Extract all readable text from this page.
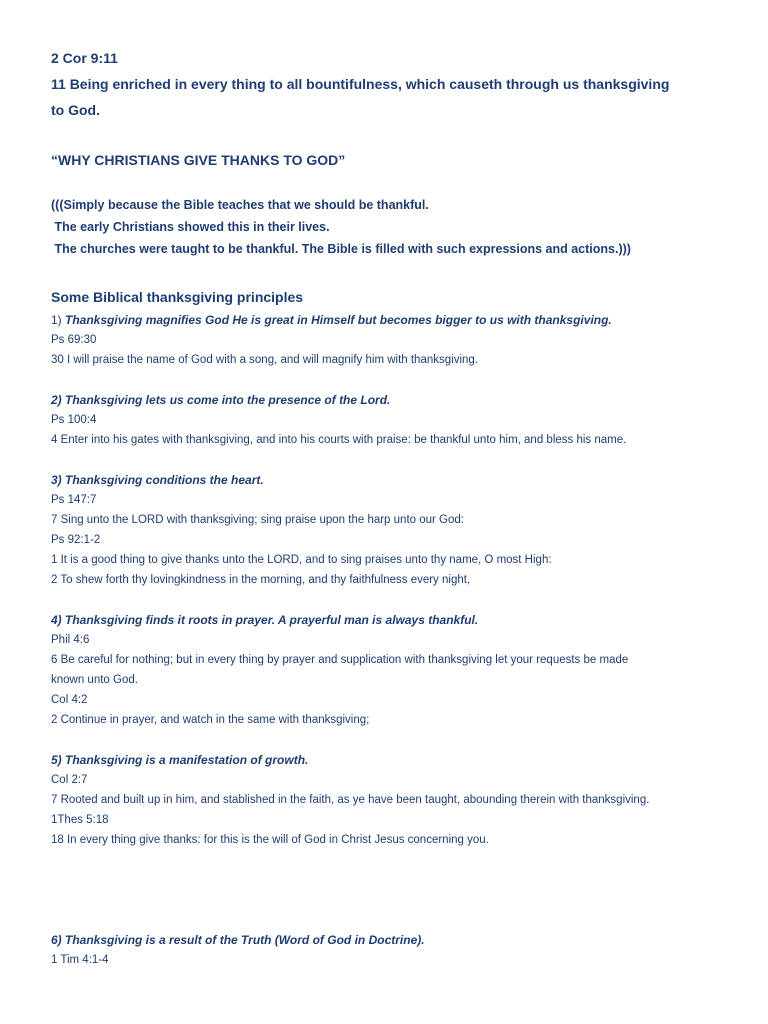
2 Cor 9:11
11 Being enriched in every thing to all bountifulness, which causeth through us thanksgiving
to God.
“WHY CHRISTIANS GIVE THANKS TO GOD”
(((Simply because the Bible teaches that we should be thankful.
The early Christians showed this in their lives.
The churches were taught to be thankful. The Bible is filled with such expressions and actions.)))
Some Biblical thanksgiving principles
1) Thanksgiving magnifies God He is great in Himself but becomes bigger to us with thanksgiving.
Ps 69:30
30 I will praise the name of God with a song, and will magnify him with thanksgiving.
2) Thanksgiving lets us come into the presence of the Lord.
Ps 100:4
4 Enter into his gates with thanksgiving, and into his courts with praise: be thankful unto him, and bless his name.
3) Thanksgiving conditions the heart.
Ps 147:7
7 Sing unto the LORD with thanksgiving; sing praise upon the harp unto our God:
Ps 92:1-2
1 It is a good thing to give thanks unto the LORD, and to sing praises unto thy name, O most High:
2 To shew forth thy lovingkindness in the morning, and thy faithfulness every night,
4) Thanksgiving finds it roots in prayer. A prayerful man is always thankful.
Phil 4:6
6 Be careful for nothing; but in every thing by prayer and supplication with thanksgiving let your requests be made
known unto God.
Col 4:2
2 Continue in prayer, and watch in the same with thanksgiving;
5) Thanksgiving is a manifestation of growth.
Col 2:7
7 Rooted and built up in him, and stablished in the faith, as ye have been taught, abounding therein with thanksgiving.
1Thes 5:18
18 In every thing give thanks: for this is the will of God in Christ Jesus concerning you.
6) Thanksgiving is a result of the Truth (Word of God in Doctrine).
1 Tim 4:1-4
